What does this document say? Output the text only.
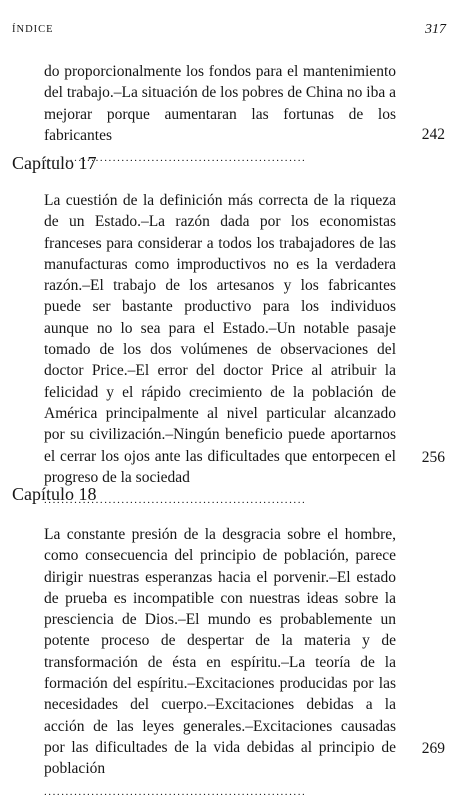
ÍNDICE	317
do proporcionalmente los fondos para el mantenimiento del trabajo.–La situación de los pobres de China no iba a mejorar porque aumentaran las fortunas de los fabricantes
. . .	242
Capítulo 17
La cuestión de la definición más correcta de la riqueza de un Estado.–La razón dada por los economistas franceses para considerar a todos los trabajadores de las manufacturas como improductivos no es la verdadera razón.–El trabajo de los artesanos y los fabricantes puede ser bastante productivo para los individuos aunque no lo sea para el Estado.–Un notable pasaje tomado de los dos volúmenes de observaciones del doctor Price.–El error del doctor Price al atribuir la felicidad y el rápido crecimiento de la población de América principalmente al nivel particular alcanzado por su civilización.–Ningún beneficio puede aportarnos el cerrar los ojos ante las dificultades que entorpecen el progreso de la sociedad
. . .
256
Capítulo 18
La constante presión de la desgracia sobre el hombre, como consecuencia del principio de población, parece dirigir nuestras esperanzas hacia el porvenir.–El estado de prueba es incompatible con nuestras ideas sobre la presciencia de Dios.–El mundo es probablemente un potente proceso de despertar de la materia y de transformación de ésta en espíritu.–La teoría de la formación del espíritu.–Excitaciones producidas por las necesidades del cuerpo.–Excitaciones debidas a la acción de las leyes generales.–Excitaciones causadas por las dificultades de la vida debidas al principio de población
. . .
269
